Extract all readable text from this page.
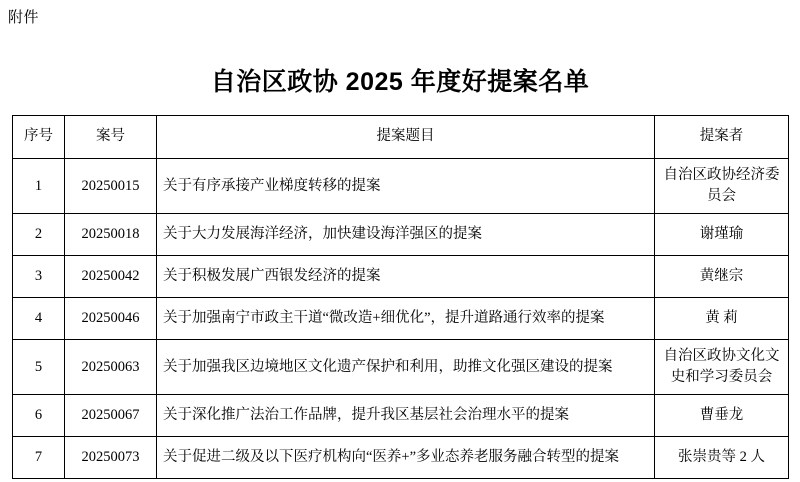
附件
自治区政协 2025 年度好提案名单
序号	案号	提案题目	提案者
1	20250015	关于有序承接产业梯度转移的提案	自治区政协经济委员会
2	20250018	关于大力发展海洋经济，加快建设海洋强区的提案	谢瑾瑜
3	20250042	关于积极发展广西银发经济的提案	黄继宗
4	20250046	关于加强南宁市政主干道“微改造+细优化”，提升道路通行效率的提案	黄 莉
5	20250063	关于加强我区边境地区文化遗产保护和利用，助推文化强区建设的提案	自治区政协文化文史和学习委员会
6	20250067	关于深化推广法治工作品牌，提升我区基层社会治理水平的提案	曹垂龙
7	20250073	关于促进二级及以下医疗机构向“医养+”多业态养老服务融合转型的提案	张崇贵等 2 人
